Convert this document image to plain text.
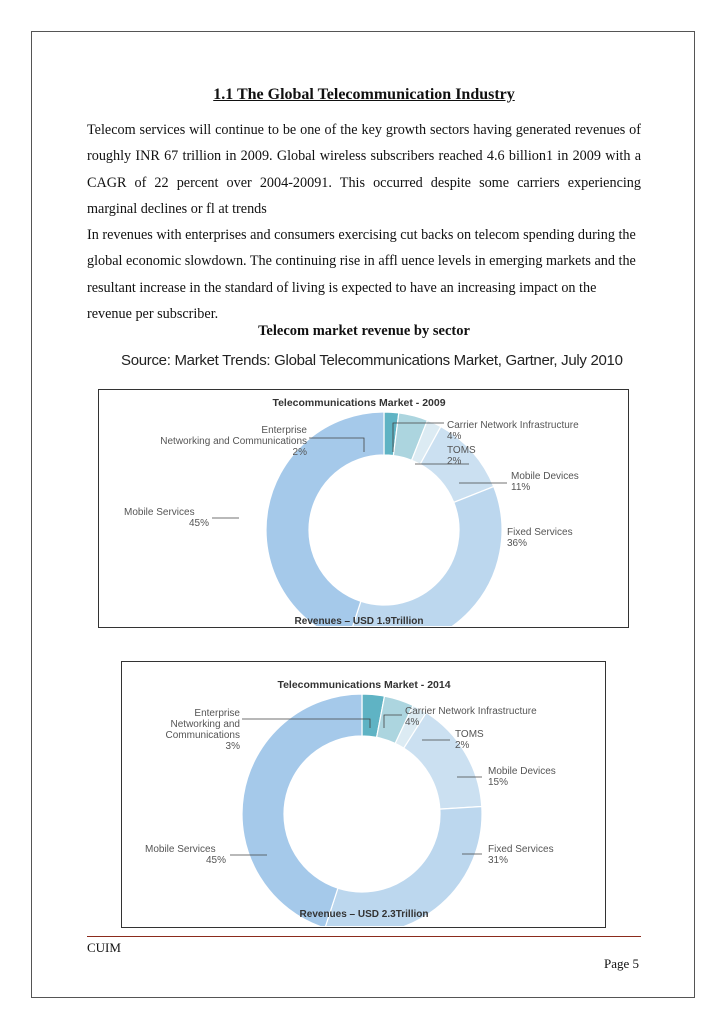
1.1 The Global Telecommunication Industry

Telecom services will continue to be one of the key growth sectors having generated revenues of roughly INR 67 trillion in 2009. Global wireless subscribers reached 4.6 billion1 in 2009 with a CAGR of 22 percent over 2004-20091. This occurred despite some carriers experiencing marginal declines or fl at trends

In revenues with enterprises and consumers exercising cut backs on telecom spending during the global economic slowdown. The continuing rise in affl uence levels in emerging markets and the resultant increase in the standard of living is expected to have an increasing impact on the revenue per subscriber.

Telecom market revenue by sector
Source: Market Trends: Global Telecommunications Market, Gartner, July 2010
Telecommunications Market - 2009
Enterprise Networking and Communications 2%
Carrier Network Infrastructure 4%
TOMS 2%
Mobile Devices 11%
Fixed Services 36%
Mobile Services 45%
Revenues – USD 1.9Trillion
Telecommunications Market - 2014
Enterprise Networking and Communications 3%
Carrier Network Infrastructure 4%
TOMS 2%
Mobile Devices 15%
Fixed Services 31%
Mobile Services 45%
Revenues – USD 2.3Trillion
CUIM
Page 5
